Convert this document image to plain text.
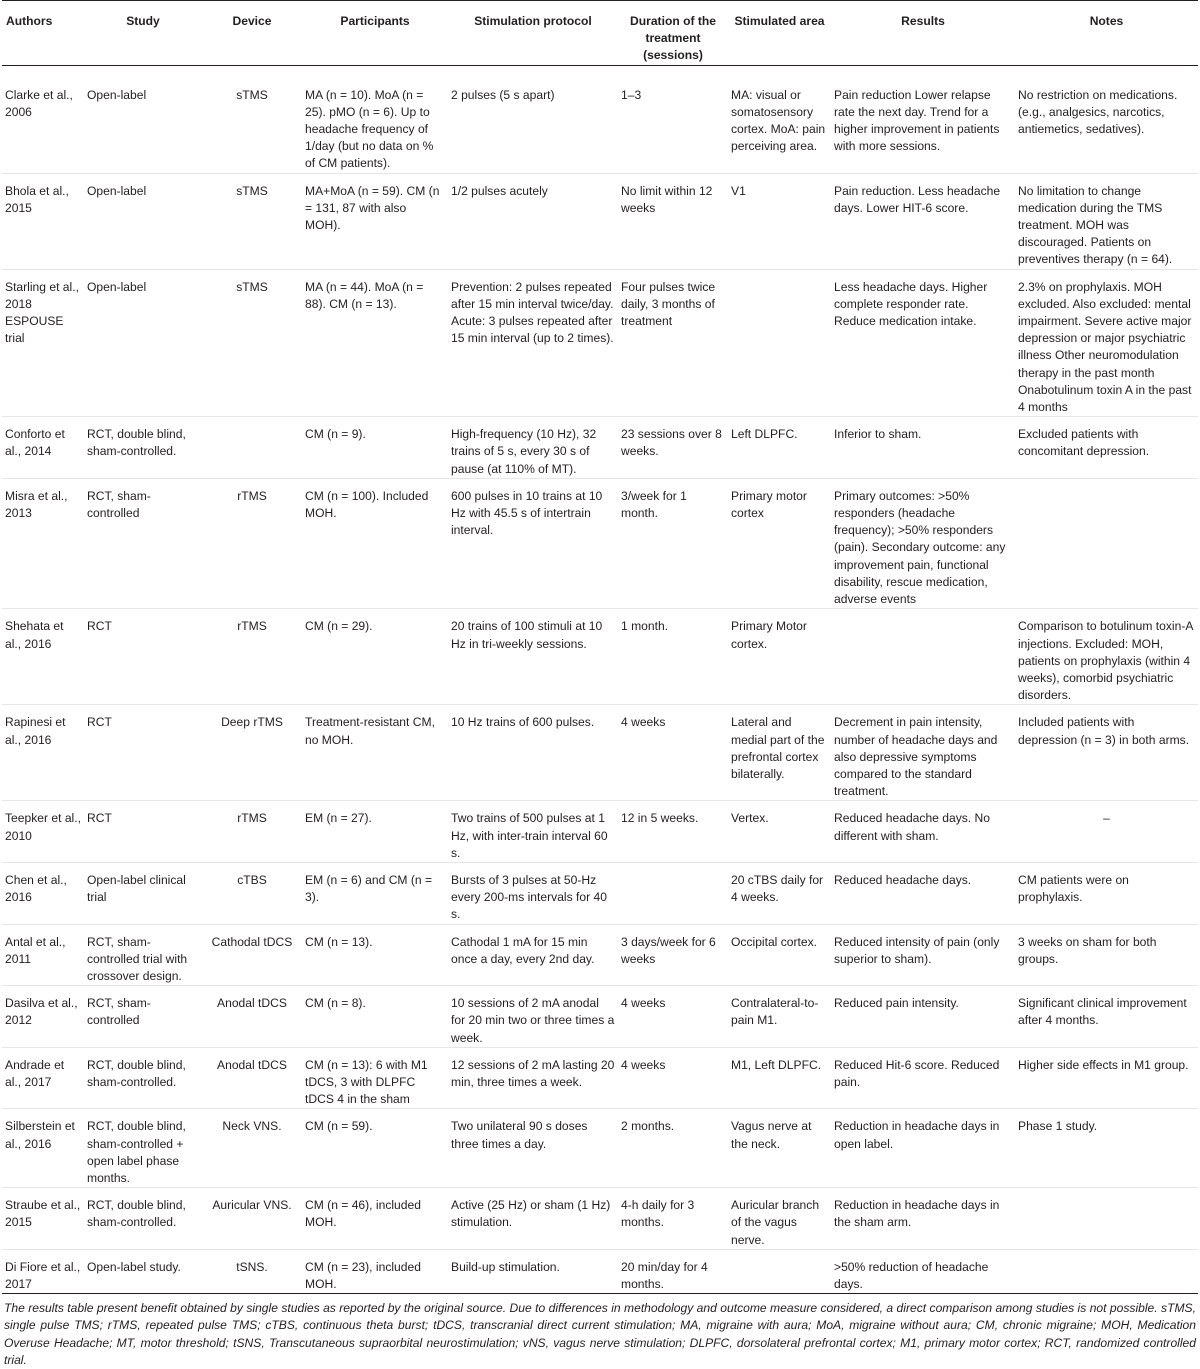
Authors	Study	Device	Participants	Stimulation protocol	Duration of the treatment (sessions)	Stimulated area	Results	Notes
Clarke et al., 2006	Open-label	sTMS	MA (n = 10). MoA (n = 25). pMO (n = 6). Up to headache frequency of 1/day (but no data on % of CM patients).	2 pulses (5 s apart)	1–3	MA: visual or somatosensory cortex. MoA: pain perceiving area.	Pain reduction Lower relapse rate the next day. Trend for a higher improvement in patients with more sessions.	No restriction on medications. (e.g., analgesics, narcotics, antiemetics, sedatives).
Bhola et al., 2015	Open-label	sTMS	MA+MoA (n = 59). CM (n = 131, 87 with also MOH).	1/2 pulses acutely	No limit within 12 weeks	V1	Pain reduction. Less headache days. Lower HIT-6 score.	No limitation to change medication during the TMS treatment. MOH was discouraged. Patients on preventives therapy (n = 64).
Starling et al., 2018 ESPOUSE trial	Open-label	sTMS	MA (n = 44). MoA (n = 88). CM (n = 13).	Prevention: 2 pulses repeated after 15 min interval twice/day. Acute: 3 pulses repeated after 15 min interval (up to 2 times).	Four pulses twice daily, 3 months of treatment		Less headache days. Higher complete responder rate. Reduce medication intake.	2.3% on prophylaxis. MOH excluded. Also excluded: mental impairment. Severe active major depression or major psychiatric illness Other neuromodulation therapy in the past month Onabotulinum toxin A in the past 4 months
Conforto et al., 2014	RCT, double blind, sham-controlled.		CM (n = 9).	High-frequency (10 Hz), 32 trains of 5 s, every 30 s of pause (at 110% of MT).	23 sessions over 8 weeks.	Left DLPFC.	Inferior to sham.	Excluded patients with concomitant depression.
Misra et al., 2013	RCT, sham-controlled	rTMS	CM (n = 100). Included MOH.	600 pulses in 10 trains at 10 Hz with 45.5 s of intertrain interval.	3/week for 1 month.	Primary motor cortex	Primary outcomes: >50% responders (headache frequency); >50% responders (pain). Secondary outcome: any improvement pain, functional disability, rescue medication, adverse events	
Shehata et al., 2016	RCT	rTMS	CM (n = 29).	20 trains of 100 stimuli at 10 Hz in tri-weekly sessions.	1 month.	Primary Motor cortex.		Comparison to botulinum toxin-A injections. Excluded: MOH, patients on prophylaxis (within 4 weeks), comorbid psychiatric disorders.
Rapinesi et al., 2016	RCT	Deep rTMS	Treatment-resistant CM, no MOH.	10 Hz trains of 600 pulses.	4 weeks	Lateral and medial part of the prefrontal cortex bilaterally.	Decrement in pain intensity, number of headache days and also depressive symptoms compared to the standard treatment.	Included patients with depression (n = 3) in both arms.
Teepker et al., 2010	RCT	rTMS	EM (n = 27).	Two trains of 500 pulses at 1 Hz, with inter-train interval 60 s.	12 in 5 weeks.	Vertex.	Reduced headache days. No different with sham.	–
Chen et al., 2016	Open-label clinical trial	cTBS	EM (n = 6) and CM (n = 3).	Bursts of 3 pulses at 50-Hz every 200-ms intervals for 40 s.		20 cTBS daily for 4 weeks.	Reduced headache days.	CM patients were on prophylaxis.
Antal et al., 2011	RCT, sham-controlled trial with crossover design.	Cathodal tDCS	CM (n = 13).	Cathodal 1 mA for 15 min once a day, every 2nd day.	3 days/week for 6 weeks	Occipital cortex.	Reduced intensity of pain (only superior to sham).	3 weeks on sham for both groups.
Dasilva et al., 2012	RCT, sham-controlled	Anodal tDCS	CM (n = 8).	10 sessions of 2 mA anodal for 20 min two or three times a week.	4 weeks	Contralateral-to-pain M1.	Reduced pain intensity.	Significant clinical improvement after 4 months.
Andrade et al., 2017	RCT, double blind, sham-controlled.	Anodal tDCS	CM (n = 13): 6 with M1 tDCS, 3 with DLPFC tDCS 4 in the sham	12 sessions of 2 mA lasting 20 min, three times a week.	4 weeks	M1, Left DLPFC.	Reduced Hit-6 score. Reduced pain.	Higher side effects in M1 group.
Silberstein et al., 2016	RCT, double blind, sham-controlled + open label phase months.	Neck VNS.	CM (n = 59).	Two unilateral 90 s doses three times a day.	2 months.	Vagus nerve at the neck.	Reduction in headache days in open label.	Phase 1 study.
Straube et al., 2015	RCT, double blind, sham-controlled.	Auricular VNS.	CM (n = 46), included MOH.	Active (25 Hz) or sham (1 Hz) stimulation.	4-h daily for 3 months.	Auricular branch of the vagus nerve.	Reduction in headache days in the sham arm.	
Di Fiore et al., 2017	Open-label study.	tSNS.	CM (n = 23), included MOH.	Build-up stimulation.	20 min/day for 4 months.		>50% reduction of headache days.	
The results table present benefit obtained by single studies as reported by the original source. Due to differences in methodology and outcome measure considered, a direct comparison among studies is not possible. sTMS, single pulse TMS; rTMS, repeated pulse TMS; cTBS, continuous theta burst; tDCS, transcranial direct current stimulation; MA, migraine with aura; MoA, migraine without aura; CM, chronic migraine; MOH, Medication Overuse Headache; MT, motor threshold; tSNS, Transcutaneous supraorbital neurostimulation; vNS, vagus nerve stimulation; DLPFC, dorsolateral prefrontal cortex; M1, primary motor cortex; RCT, randomized controlled trial.
